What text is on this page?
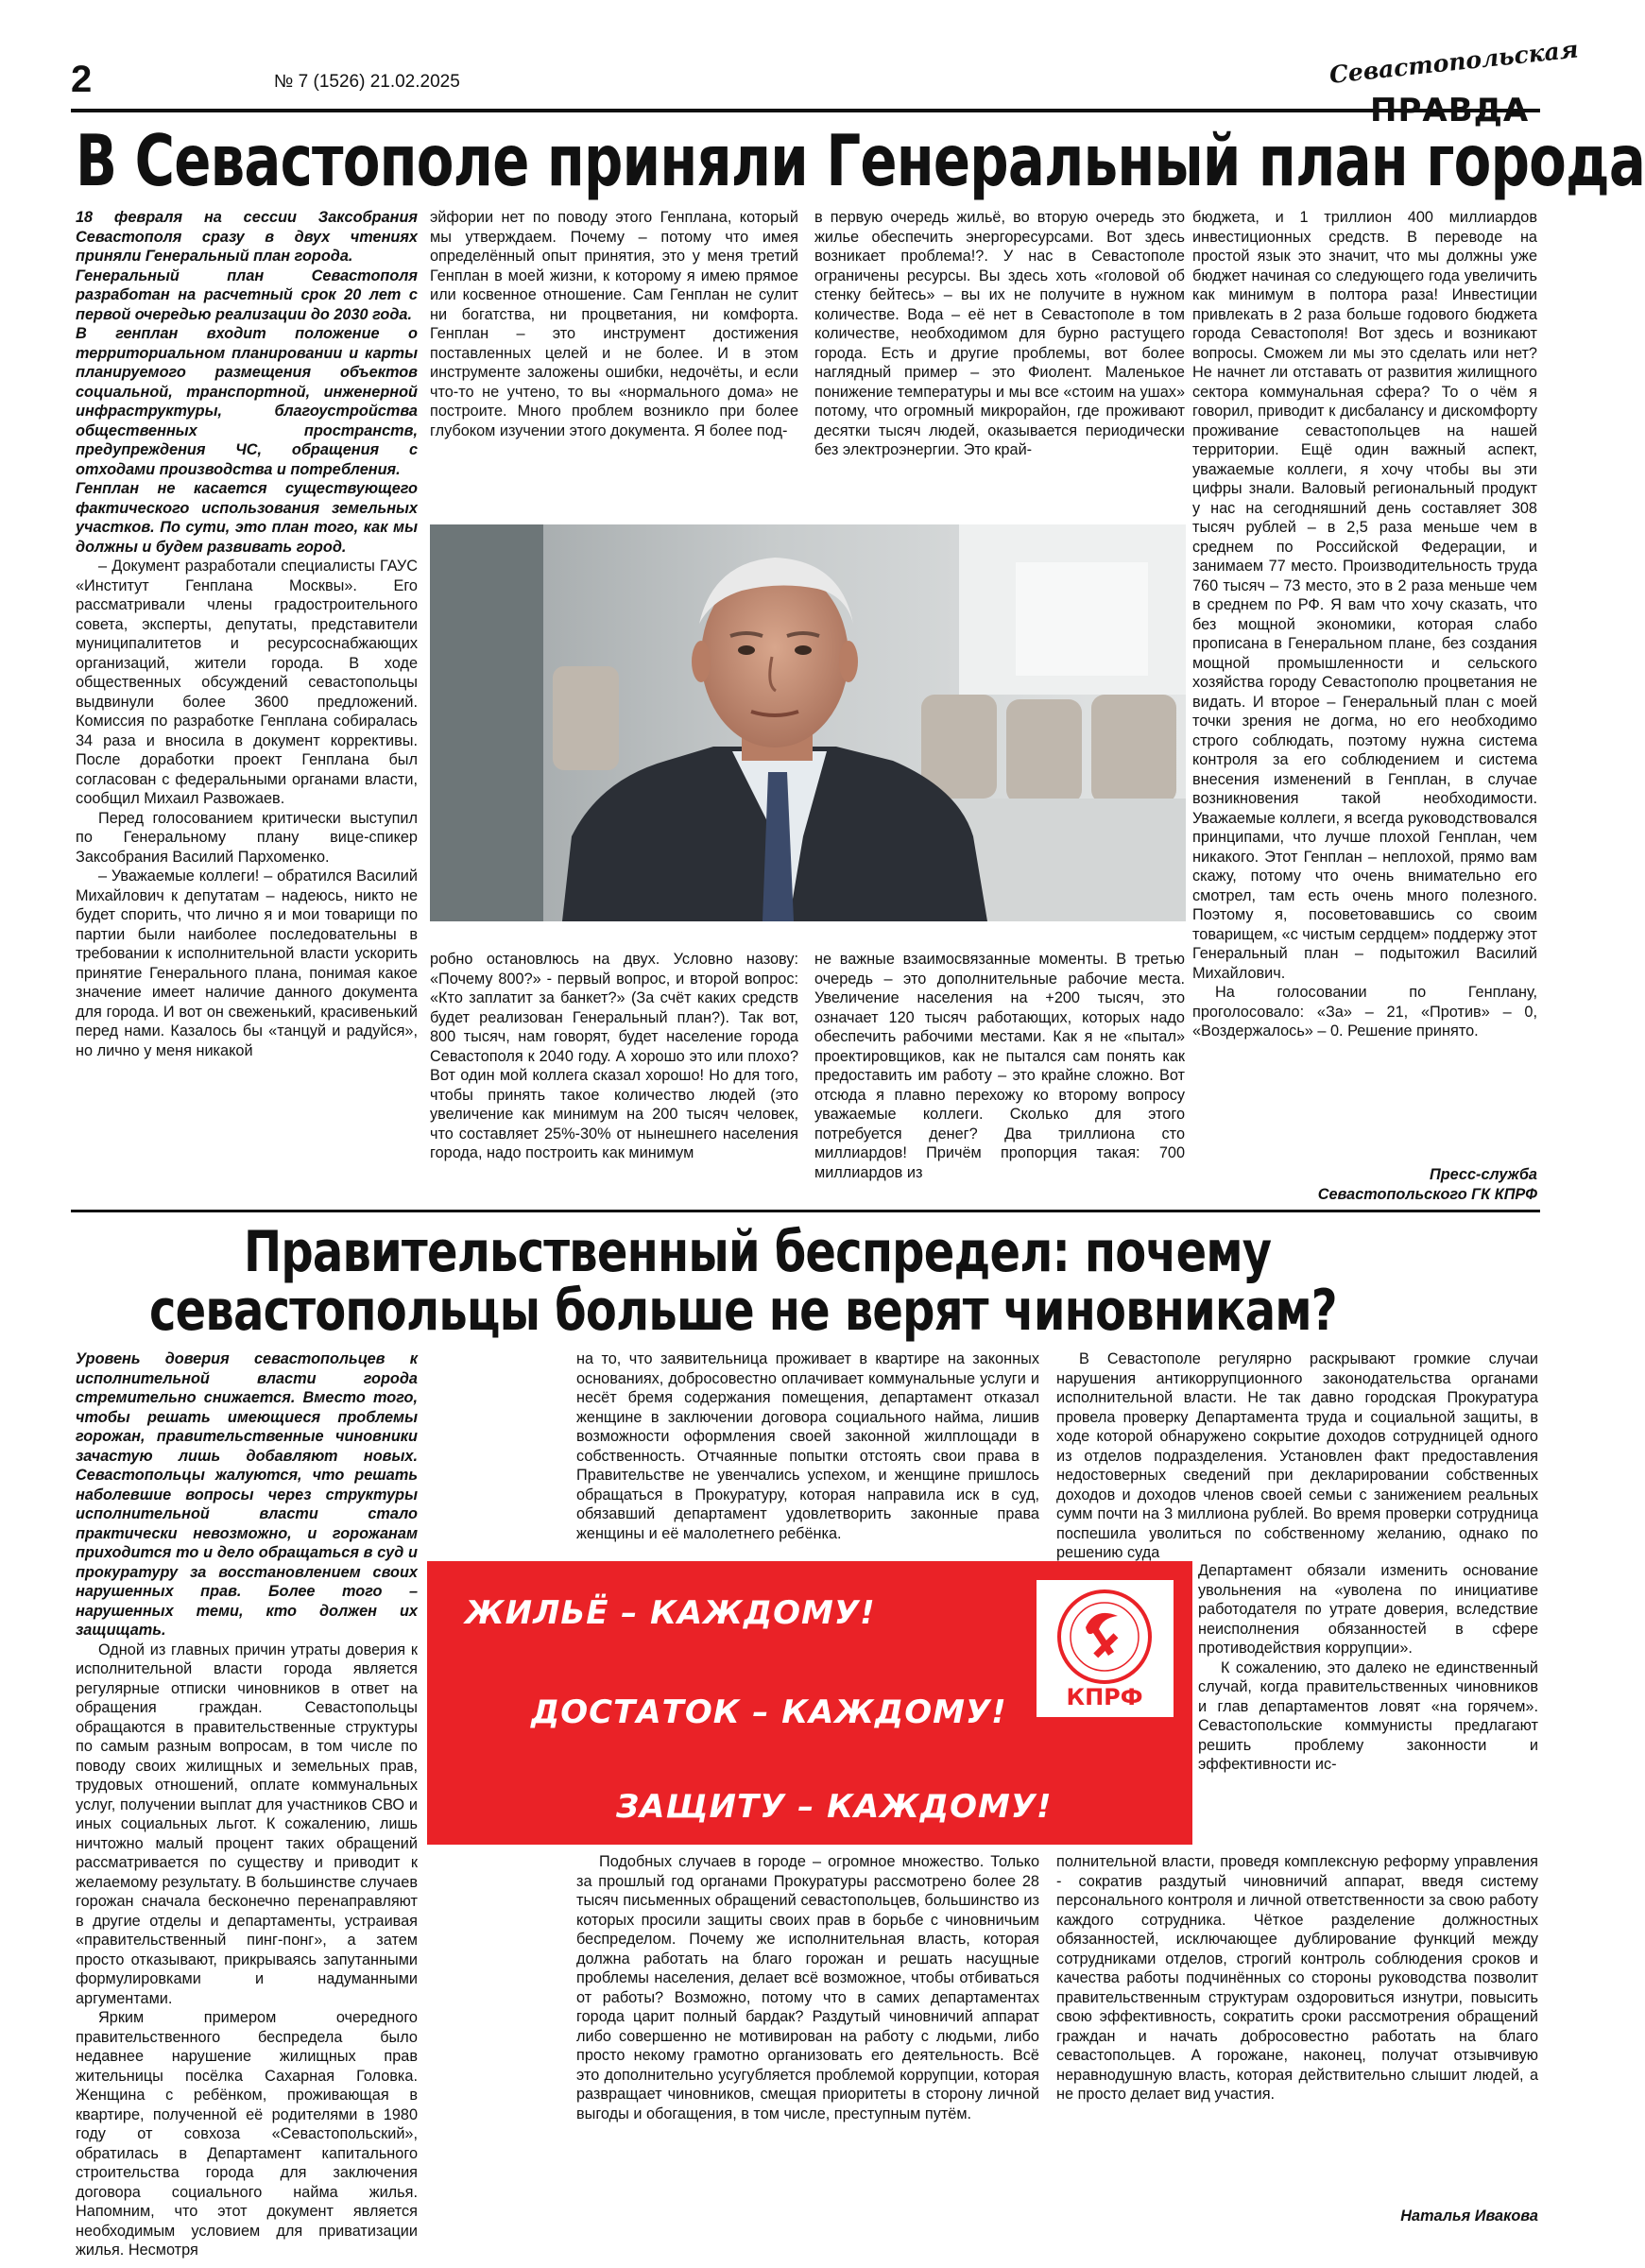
2	№ 7 (1526) 21.02.2025	Севастопольская
ПРАВДА
В Севастополе приняли Генеральный план города

18 февраля на сессии Заксобрания Севастополя сразу в двух чтениях приняли Генеральный план города.

Генеральный план Севастополя разработан на расчетный срок 20 лет с первой очередью реализации до 2030 года.

В генплан входит положение о территориальном планировании и карты планируемого размещения объектов социальной, транспортной, инженерной инфраструктуры, благоустройства общественных пространств, предупреждения ЧС, обращения с отходами производства и потребления.

Генплан не касается существующего фактического использования земельных участков. По сути, это план того, как мы должны и будем развивать город.

– Документ разработали специалисты ГАУС «Институт Генплана Москвы». Его рассматривали члены градостроительного совета, эксперты, депутаты, представители муниципалитетов и ресурсоснабжающих организаций, жители города. В ходе общественных обсуждений севастопольцы выдвинули более 3600 предложений. Комиссия по разработке Генплана собиралась 34 раза и вносила в документ коррективы. После доработки проект Генплана был согласован с федеральными органами власти, сообщил Михаил Развожаев.

Перед голосованием критически выступил по Генеральному плану вице-спикер Заксобрания Василий Пархоменко.

– Уважаемые коллеги! – обратился Василий Михайлович к депутатам – надеюсь, никто не будет спорить, что лично я и мои товарищи по партии были наиболее последовательны в требовании к исполнительной власти ускорить принятие Генерального плана, понимая какое значение имеет наличие данного документа для города. И вот он свеженький, красивенький перед нами. Казалось бы «танцуй и радуйся», но лично у меня никакой

эйфории нет по поводу этого Генплана, который мы утверждаем. Почему – потому что имея определённый опыт принятия, это у меня третий Генплан в моей жизни, к которому я имею прямое или косвенное отношение. Сам Генплан не сулит ни богатства, ни процветания, ни комфорта. Генплан – это инструмент достижения поставленных целей и не более. И в этом инструменте заложены ошибки, недочёты, и если что-то не учтено, то вы «нормального дома» не построите. Много проблем возникло при более глубоком изучении этого документа. Я более под-

в первую очередь жильё, во вторую очередь это жилье обеспечить энергоресурсами. Вот здесь возникает проблема!?. У нас в Севастополе ограничены ресурсы. Вы здесь хоть «головой об стенку бейтесь» – вы их не получите в нужном количестве. Вода – её нет в Севастополе в том количестве, необходимом для бурно растущего города. Есть и другие проблемы, вот более наглядный пример – это Фиолент. Маленькое понижение температуры и мы все «стоим на ушах» потому, что огромный микрорайон, где проживают десятки тысяч людей, оказывается периодически без электроэнергии. Это край-

робно остановлюсь на двух. Условно назову: «Почему 800?» - первый вопрос, и второй вопрос: «Кто заплатит за банкет?» (За счёт каких средств будет реализован Генеральный план?). Так вот, 800 тысяч, нам говорят, будет население города Севастополя к 2040 году. А хорошо это или плохо? Вот один мой коллега сказал хорошо! Но для того, чтобы принять такое количество людей (это увеличение как минимум на 200 тысяч человек, что составляет 25%-30% от нынешнего населения города, надо построить как минимум

не важные взаимосвязанные моменты. В третью очередь – это дополнительные рабочие места. Увеличение населения на +200 тысяч, это означает 120 тысяч работающих, которых надо обеспечить рабочими местами. Как я не «пытал» проектировщиков, как не пытался сам понять как предоставить им работу – это крайне сложно. Вот отсюда я плавно перехожу ко второму вопросу уважаемые коллеги. Сколько для этого потребуется денег? Два триллиона сто миллиардов! Причём пропорция такая: 700 миллиардов из

бюджета, и 1 триллион 400 миллиардов инвестиционных средств. В переводе на простой язык это значит, что мы должны уже бюджет начиная со следующего года увеличить как минимум в полтора раза! Инвестиции привлекать в 2 раза больше годового бюджета города Севастополя! Вот здесь и возникают вопросы. Сможем ли мы это сделать или нет? Не начнет ли отставать от развития жилищного сектора коммунальная сфера? То о чём я говорил, приводит к дисбалансу и дискомфорту проживание севастопольцев на нашей территории. Ещё один важный аспект, уважаемые коллеги, я хочу чтобы вы эти цифры знали. Валовый региональный продукт у нас на сегодняшний день составляет 308 тысяч рублей – в 2,5 раза меньше чем в среднем по Российской Федерации, и занимаем 77 место. Производительность труда 760 тысяч – 73 место, это в 2 раза меньше чем в среднем по РФ. Я вам что хочу сказать, что без мощной экономики, которая слабо прописана в Генеральном плане, без создания мощной промышленности и сельского хозяйства городу Севастополю процветания не видать. И второе – Генеральный план с моей точки зрения не догма, но его необходимо строго соблюдать, поэтому нужна система контроля за его соблюдением и система внесения изменений в Генплан, в случае возникновения такой необходимости. Уважаемые коллеги, я всегда руководствовался принципами, что лучше плохой Генплан, чем никакого. Этот Генплан – неплохой, прямо вам скажу, потому что очень внимательно его смотрел, там есть очень много полезного. Поэтому я, посоветовавшись со своим товарищем, «с чистым сердцем» поддержу этот Генеральный план – подытожил Василий Михайлович.

На голосовании по Генплану, проголосовало: «За» – 21, «Против» – 0, «Воздержалось» – 0. Решение принято.

Пресс-служба
Севастопольского ГК КПРФ
Правительственный беспредел: почему
севастопольцы больше не верят чиновникам?

Уровень доверия севастопольцев к исполнительной власти города стремительно снижается. Вместо того, чтобы решать имеющиеся проблемы горожан, правительственные чиновники зачастую лишь добавляют новых. Севастопольцы жалуются, что решать наболевшие вопросы через структуры исполнительной власти стало практически невозможно, и горожанам приходится то и дело обращаться в суд и прокуратуру за восстановлением своих нарушенных прав. Более того – нарушенных теми, кто должен их защищать.

Одной из главных причин утраты доверия к исполнительной власти города является регулярные отписки чиновников в ответ на обращения граждан. Севастопольцы обращаются в правительственные структуры по самым разным вопросам, в том числе по поводу своих жилищных и земельных прав, трудовых отношений, оплате коммунальных услуг, получении выплат для участников СВО и иных социальных льгот. К сожалению, лишь ничтожно малый процент таких обращений рассматривается по существу и приводит к желаемому результату. В большинстве случаев горожан сначала бесконечно перенаправляют в другие отделы и департаменты, устраивая «правительственный пинг-понг», а затем просто отказывают, прикрываясь запутанными формулировками и надуманными аргументами.

Ярким примером очередного правительственного беспредела было недавнее нарушение жилищных прав жительницы посёлка Сахарная Головка. Женщина с ребёнком, проживающая в квартире, полученной её родителями в 1980 году от совхоза «Севастопольский», обратилась в Департамент капитального строительства города для заключения договора социального найма жилья. Напомним, что этот документ является необходимым условием для приватизации жилья. Несмотря

на то, что заявительница проживает в квартире на законных основаниях, добросовестно оплачивает коммунальные услуги и несёт бремя содержания помещения, департамент отказал женщине в заключении договора социального найма, лишив возможности оформления своей законной жилплощади в собственность. Отчаянные попытки отстоять свои права в Правительстве не увенчались успехом, и женщине пришлось обращаться в Прокуратуру, которая направила иск в суд, обязавший департамент удовлетворить законные права женщины и её малолетнего ребёнка.

ЖИЛЬЁ – КАЖДОМУ!
ДОСТАТОК – КАЖДОМУ!
ЗАЩИТУ – КАЖДОМУ!
КПРФ

Подобных случаев в городе – огромное множество. Только за прошлый год органами Прокуратуры рассмотрено более 28 тысяч письменных обращений севастопольцев, большинство из которых просили защиты своих прав в борьбе с чиновничьим беспределом. Почему же исполнительная власть, которая должна работать на благо горожан и решать насущные проблемы населения, делает всё возможное, чтобы отбиваться от работы? Возможно, потому что в самих департаментах города царит полный бардак? Раздутый чиновничий аппарат либо совершенно не мотивирован на работу с людьми, либо просто некому грамотно организовать его деятельность. Всё это дополнительно усугубляется проблемой коррупции, которая развращает чиновников, смещая приоритеты в сторону личной выгоды и обогащения, в том числе, преступным путём.

В Севастополе регулярно раскрывают громкие случаи нарушения антикоррупционного законодательства органами исполнительной власти. Не так давно городская Прокуратура провела проверку Департамента труда и социальной защиты, в ходе которой обнаружено сокрытие доходов сотрудницей одного из отделов подразделения. Установлен факт предоставления недостоверных сведений при декларировании собственных доходов и доходов членов своей семьи с занижением реальных сумм почти на 3 миллиона рублей. Во время проверки сотрудница поспешила уволиться по собственному желанию, однако по решению суда

Департамент обязали изменить основание увольнения на «уволена по инициативе работодателя по утрате доверия, вследствие неисполнения обязанностей в сфере противодействия коррупции».

К сожалению, это далеко не единственный случай, когда правительственных чиновников и глав департаментов ловят «на горячем». Севастопольские коммунисты предлагают решить проблему законности и эффективности ис-

полнительной власти, проведя комплексную реформу управления - сократив раздутый чиновничий аппарат, введя систему персонального контроля и личной ответственности за свою работу каждого сотрудника. Чёткое разделение должностных обязанностей, исключающее дублирование функций между сотрудниками отделов, строгий контроль соблюдения сроков и качества работы подчинённых со стороны руководства позволит правительственным структурам оздоровиться изнутри, повысить свою эффективность, сократить сроки рассмотрения обращений граждан и начать добросовестно работать на благо севастопольцев. А горожане, наконец, получат отзывчивую неравнодушную власть, которая действительно слышит людей, а не просто делает вид участия.

Наталья Ивакова
